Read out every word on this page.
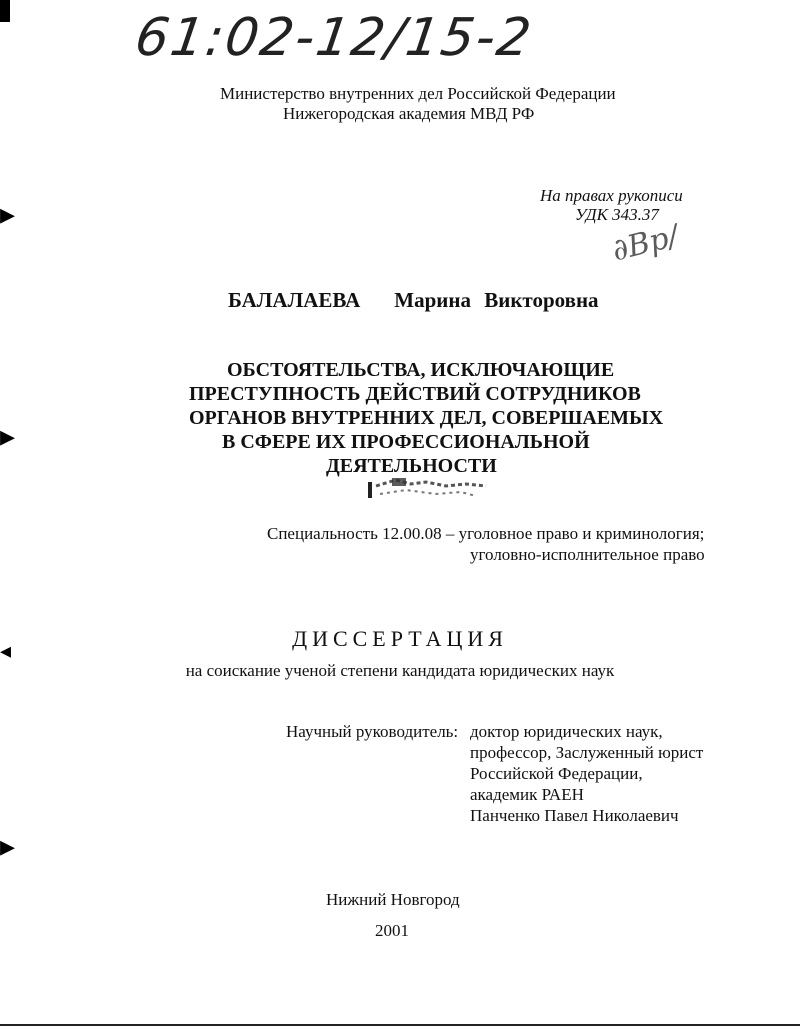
▸
▸
◂
▸
61:02-12/15-2
Министерство внутренних дел Российской Федерации
Нижегородская академия МВД РФ
На правах рукописи
УДК 343.37
∂Вр/
БАЛАЛАЕВА Марина Викторовна
ОБСТОЯТЕЛЬСТВА, ИСКЛЮЧАЮЩИЕ
ПРЕСТУПНОСТЬ ДЕЙСТВИЙ СОТРУДНИКОВ
ОРГАНОВ ВНУТРЕННИХ ДЕЛ, СОВЕРШАЕМЫХ
В СФЕРЕ ИХ ПРОФЕССИОНАЛЬНОЙ
ДЕЯТЕЛЬНОСТИ
Специальность 12.00.08 – уголовное право и криминология;
уголовно-исполнительное право
ДИССЕРТАЦИЯ
на соискание ученой степени кандидата юридических наук
Научный руководитель: доктор юридических наук,
профессор, Заслуженный юрист
Российской Федерации,
академик РАЕН
Панченко Павел Николаевич
Нижний Новгород
2001
